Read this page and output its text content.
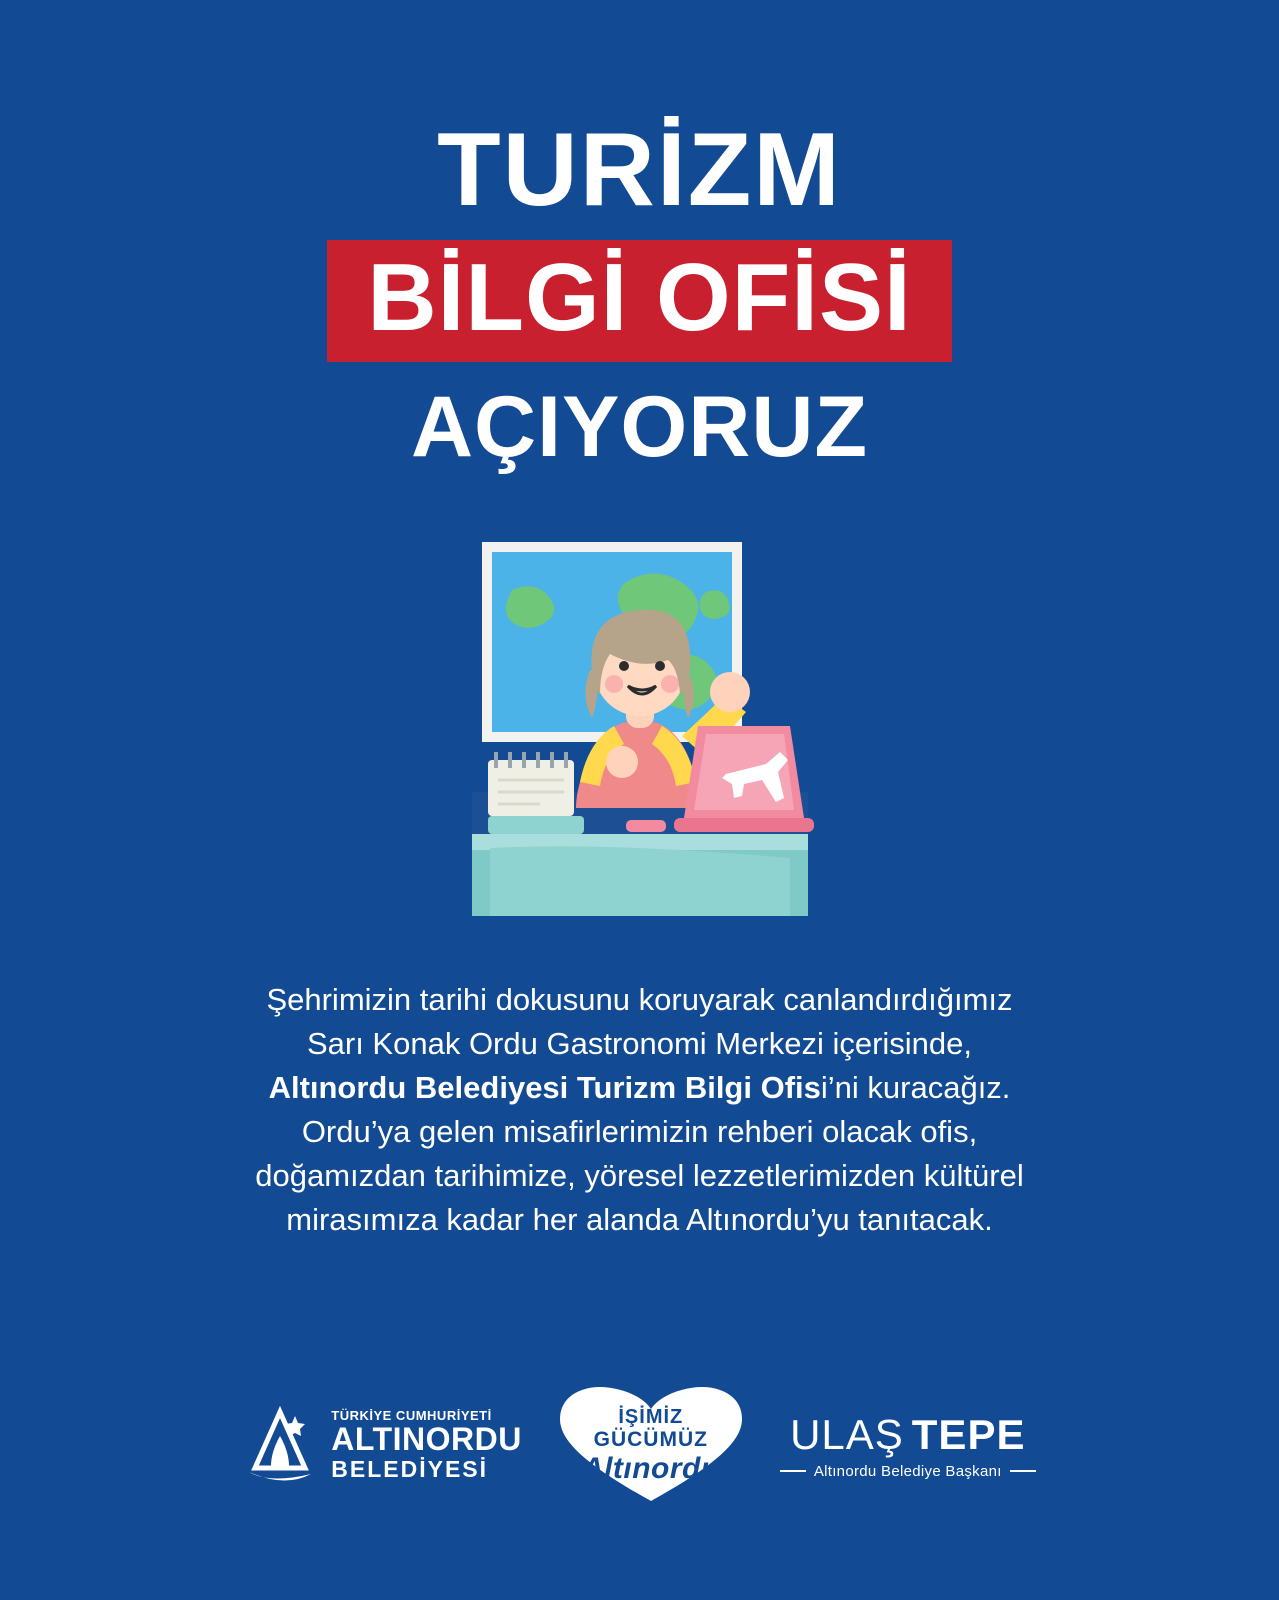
TURİZM
BİLGİ OFİSİ
AÇIYORUZ

Şehrimizin tarihi dokusunu koruyarak canlandırdığımız

Sarı Konak Ordu Gastronomi Merkezi içerisinde,

Altınordu Belediyesi Turizm Bilgi Ofisi’ni kuracağız.

Ordu’ya gelen misafirlerimizin rehberi olacak ofis,

doğamızdan tarihimize, yöresel lezzetlerimizden kültürel

mirasımıza kadar her alanda Altınordu’yu tanıtacak.

TÜRKİYE CUMHURİYETİ
ALTINORDU
BELEDİYESİ
İŞİMİZ
GÜCÜMÜZ
Altınordu
ULAŞ TEPE
Altınordu Belediye Başkanı
